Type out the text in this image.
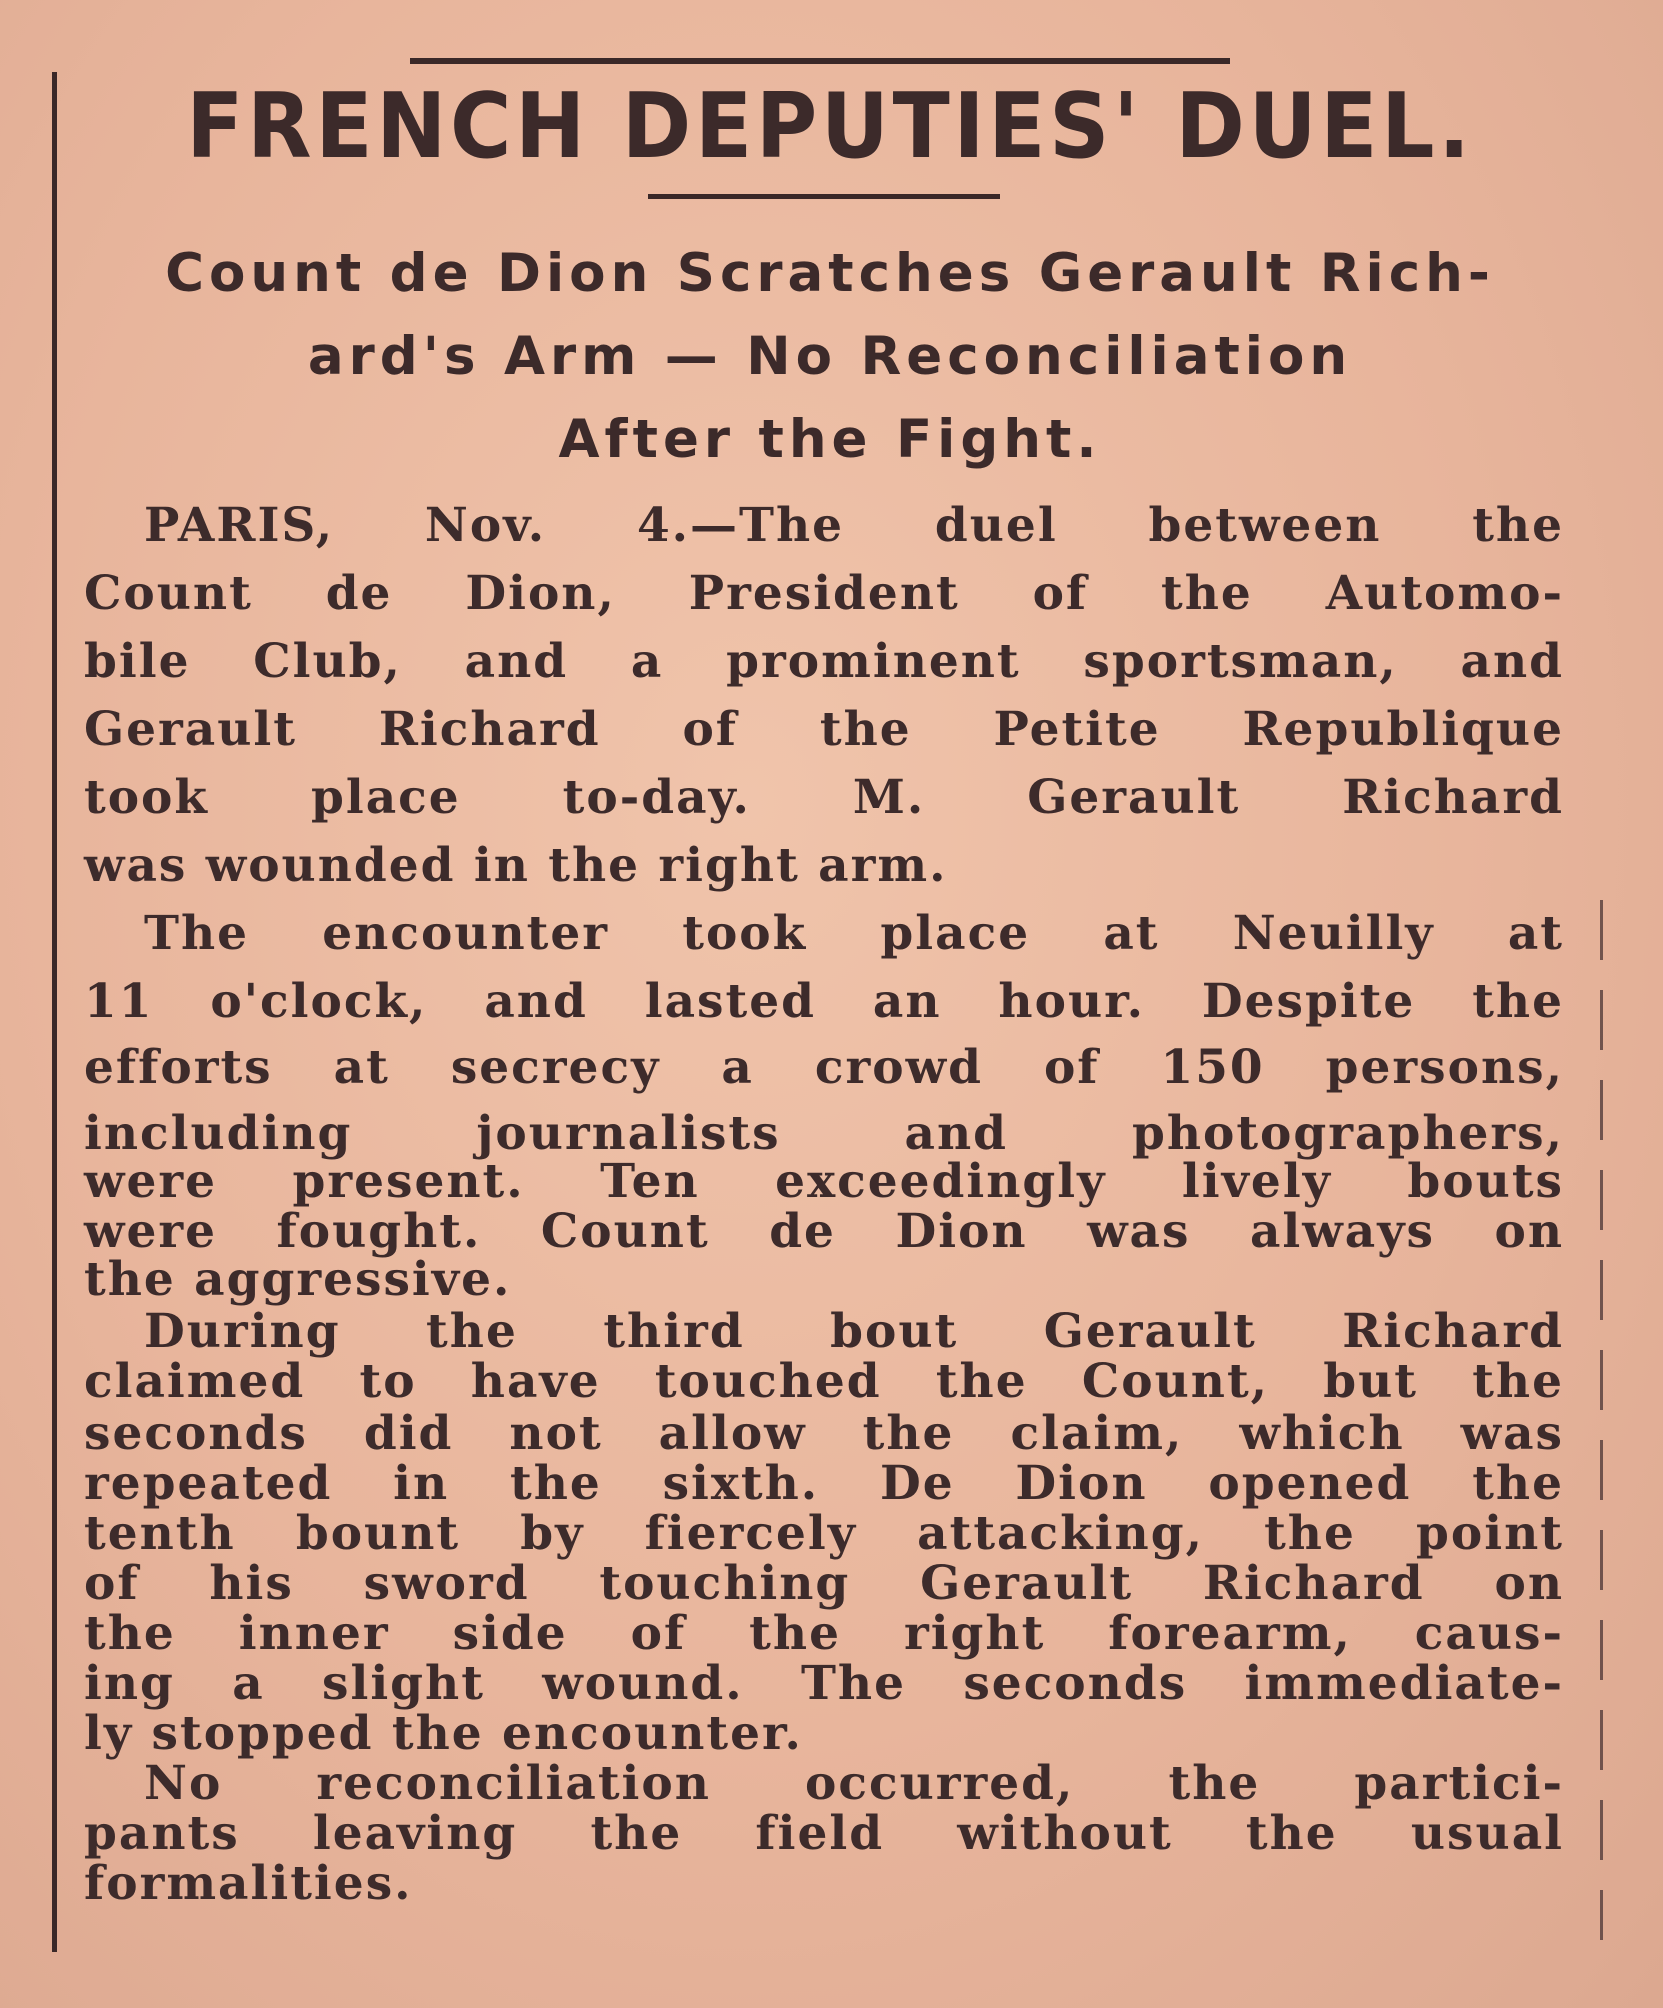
FRENCH DEPUTIES' DUEL.
Count de Dion Scratches Gerault Rich-
ard's Arm — No Reconciliation
After the Fight.
PARIS, Nov. 4.—The duel between the
Count de Dion, President of the Automo-
bile Club, and a prominent sportsman, and
Gerault Richard of the Petite Republique
took place to-day. M. Gerault Richard
was wounded in the right arm.
The encounter took place at Neuilly at
11 o'clock, and lasted an hour. Despite the
efforts at secrecy a crowd of 150 persons,
including journalists and photographers,
were present. Ten exceedingly lively bouts
were fought. Count de Dion was always on
the aggressive.
During the third bout Gerault Richard
claimed to have touched the Count, but the
seconds did not allow the claim, which was
repeated in the sixth. De Dion opened the
tenth bount by fiercely attacking, the point
of his sword touching Gerault Richard on
the inner side of the right forearm, caus-
ing a slight wound. The seconds immediate-
ly stopped the encounter.
No reconciliation occurred, the partici-
pants leaving the field without the usual
formalities.
